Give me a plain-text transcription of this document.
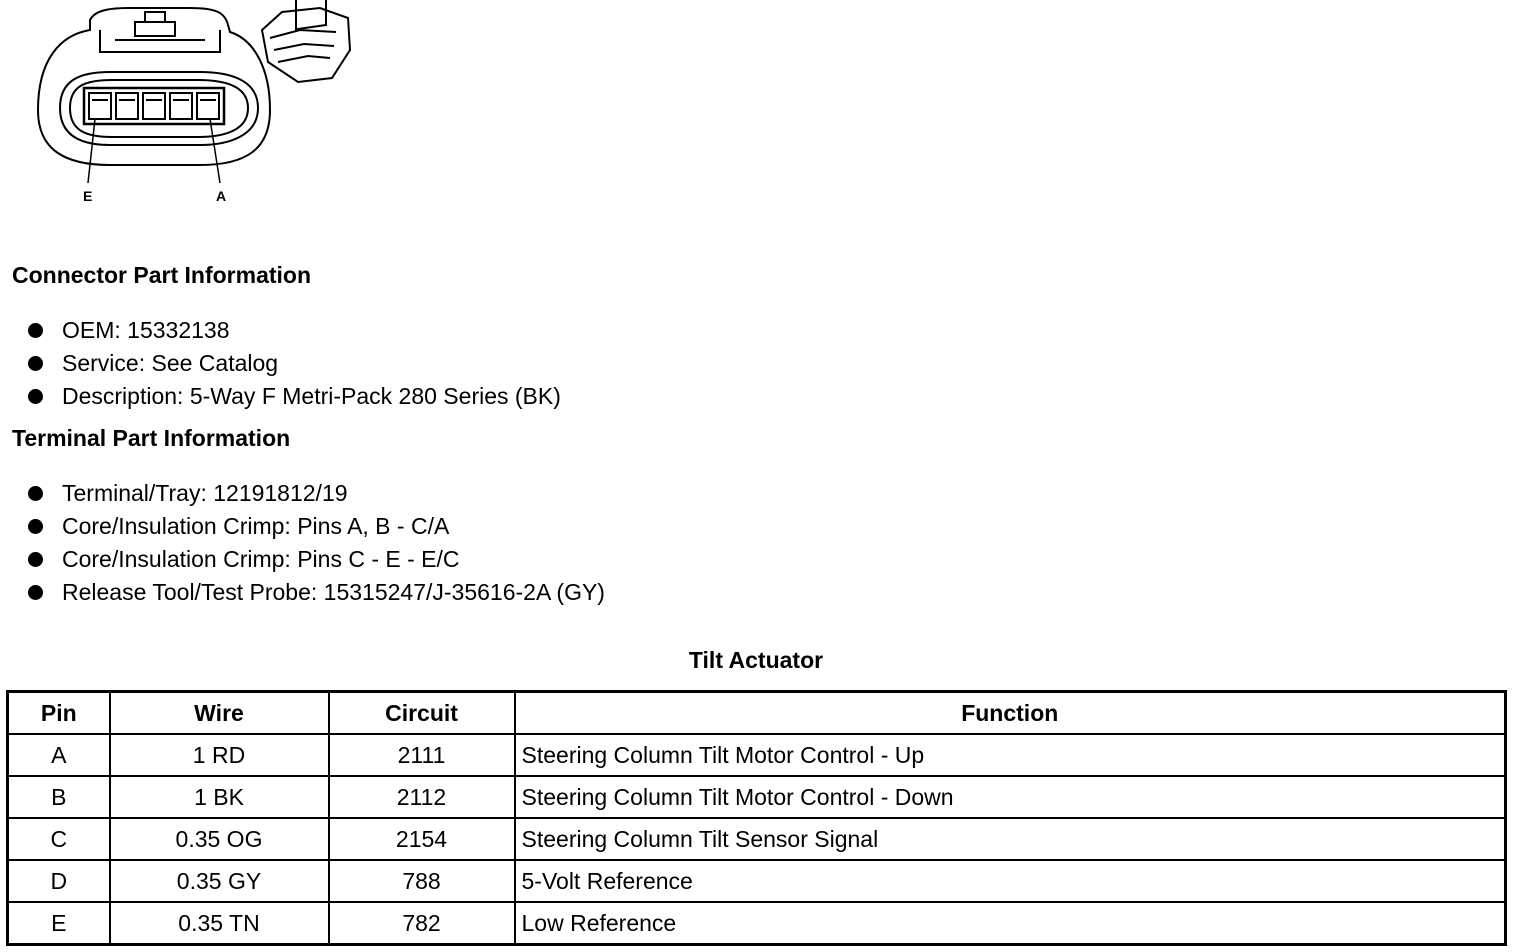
E	A
Connector Part Information
OEM: 15332138
Service: See Catalog
Description: 5-Way F Metri-Pack 280 Series (BK)
Terminal Part Information
Terminal/Tray: 12191812/19
Core/Insulation Crimp: Pins A, B - C/A
Core/Insulation Crimp: Pins C - E - E/C
Release Tool/Test Probe: 15315247/J-35616-2A (GY)
Tilt Actuator
Pin	Wire	Circuit	Function
A	1 RD	2111	Steering Column Tilt Motor Control - Up
B	1 BK	2112	Steering Column Tilt Motor Control - Down
C	0.35 OG	2154	Steering Column Tilt Sensor Signal
D	0.35 GY	788	5-Volt Reference
E	0.35 TN	782	Low Reference
